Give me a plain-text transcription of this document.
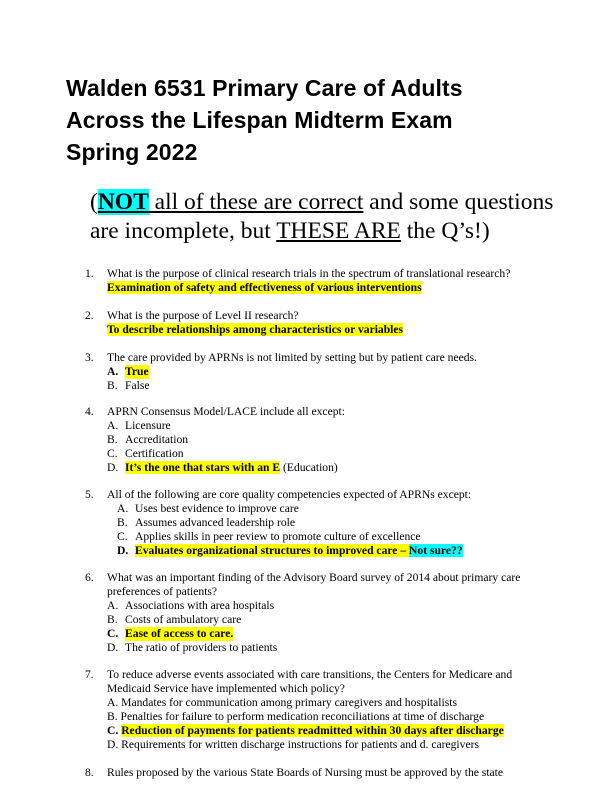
Walden 6531 Primary Care of Adults
Across the Lifespan Midterm Exam
Spring 2022
(NOT all of these are correct and some questions are incomplete, but THESE ARE the Q’s!)
1.	What is the purpose of clinical research trials in the spectrum of translational research?
Examination of safety and effectiveness of various interventions
2.	What is the purpose of Level II research?
To describe relationships among characteristics or variables
3.	The care provided by APRNs is not limited by setting but by patient care needs.
A. True
B. False
4.	APRN Consensus Model/LACE include all except:
A. Licensure
B. Accreditation
C. Certification
D. It’s the one that stars with an E (Education)
5.	All of the following are core quality competencies expected of APRNs except:
A. Uses best evidence to improve care
B. Assumes advanced leadership role
C. Applies skills in peer review to promote culture of excellence
D. Evaluates organizational structures to improved care – Not sure??
6.	What was an important finding of the Advisory Board survey of 2014 about primary care preferences of patients?
A. Associations with area hospitals
B. Costs of ambulatory care
C. Ease of access to care.
D. The ratio of providers to patients
7.	To reduce adverse events associated with care transitions, the Centers for Medicare and Medicaid Service have implemented which policy?
A. Mandates for communication among primary caregivers and hospitalists
B. Penalties for failure to perform medication reconciliations at time of discharge
C. Reduction of payments for patients readmitted within 30 days after discharge
D. Requirements for written discharge instructions for patients and d. caregivers
8.	Rules proposed by the various State Boards of Nursing must be approved by the state
